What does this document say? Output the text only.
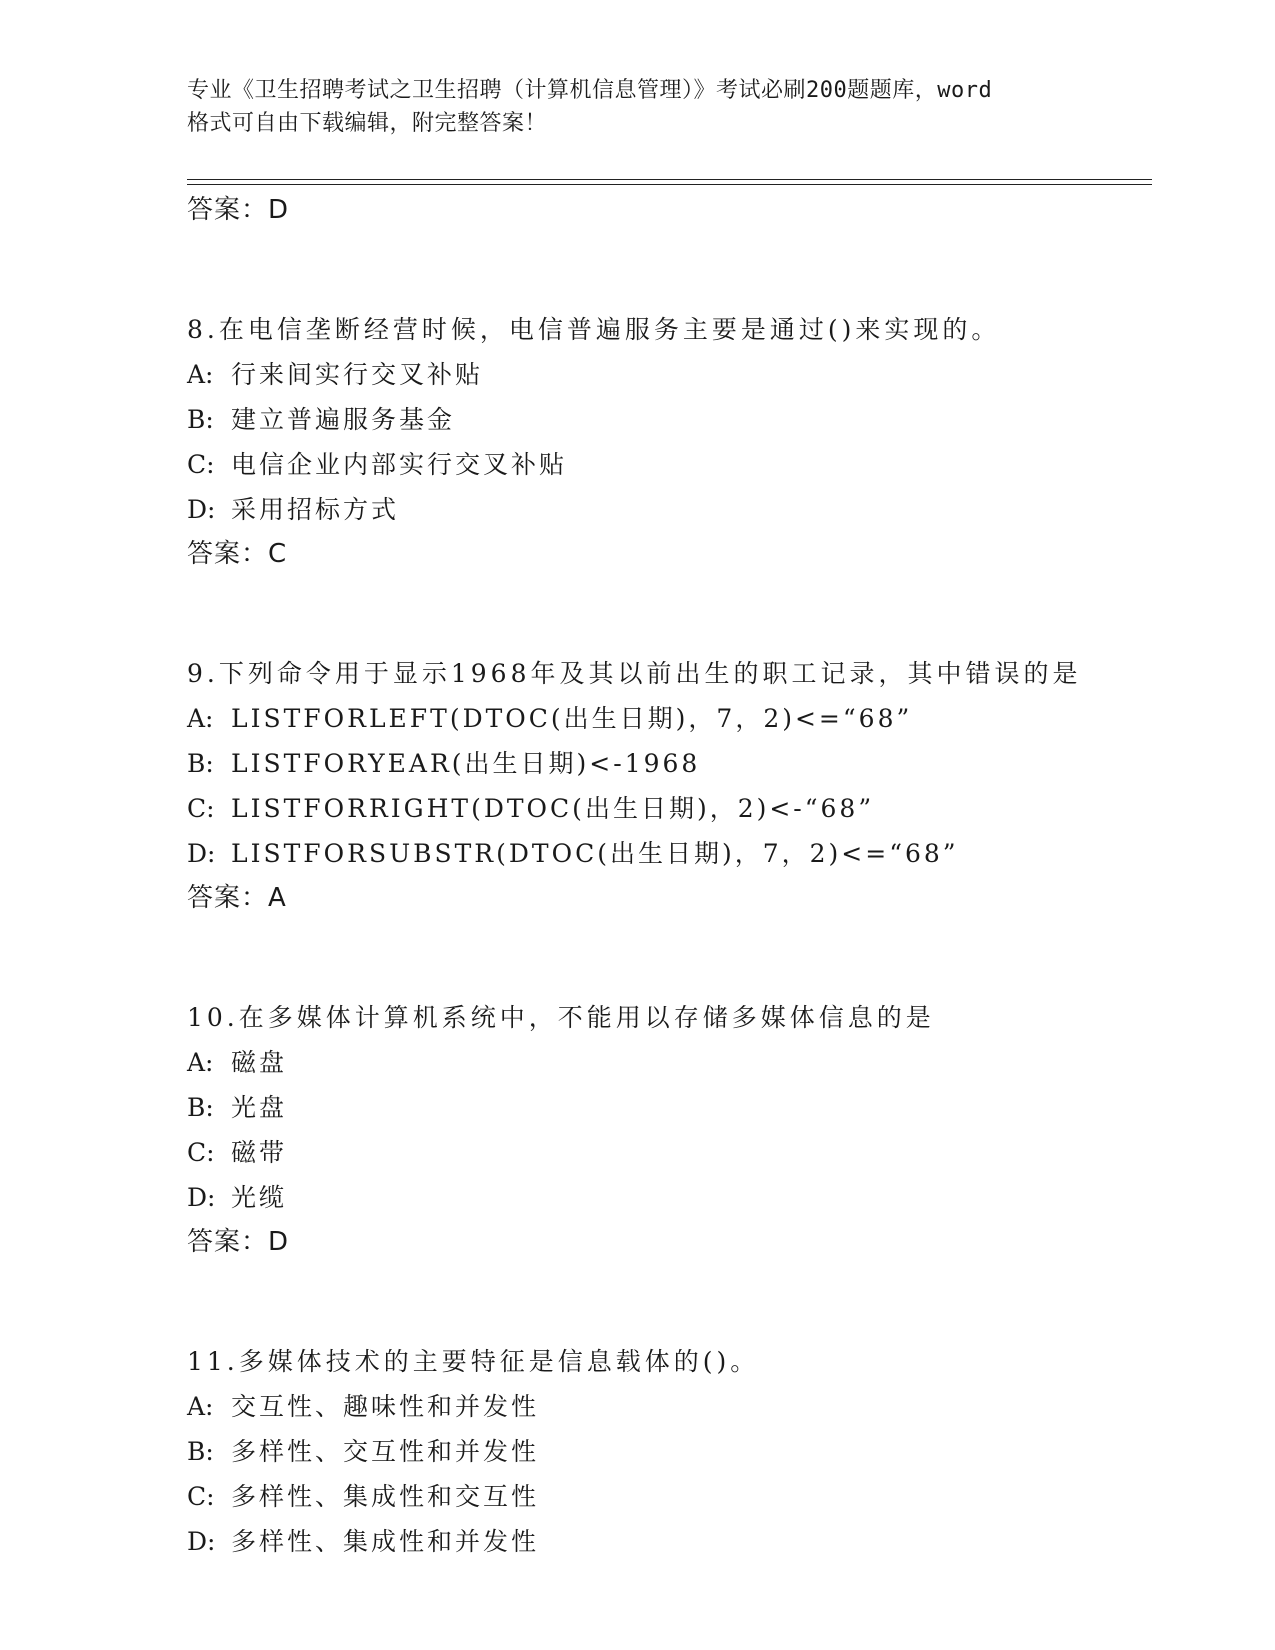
专业《卫生招聘考试之卫生招聘（计算机信息管理）》考试必刷200题题库，word
格式可自由下载编辑，附完整答案！
答案：D
8.在电信垄断经营时候，电信普遍服务主要是通过()来实现的。
A: 行来间实行交叉补贴
B: 建立普遍服务基金
C: 电信企业内部实行交叉补贴
D: 采用招标方式
答案：C
9.下列命令用于显示1968年及其以前出生的职工记录，其中错误的是
A: LISTFORLEFT(DTOC(出生日期)，7，2)<=“68”
B: LISTFORYEAR(出生日期)<-1968
C: LISTFORRIGHT(DTOC(出生日期)，2)<-“68”
D: LISTFORSUBSTR(DTOC(出生日期)，7，2)<=“68”
答案：A
10.在多媒体计算机系统中，不能用以存储多媒体信息的是
A: 磁盘
B: 光盘
C: 磁带
D: 光缆
答案：D
11.多媒体技术的主要特征是信息载体的()。
A: 交互性、趣味性和并发性
B: 多样性、交互性和并发性
C: 多样性、集成性和交互性
D: 多样性、集成性和并发性
